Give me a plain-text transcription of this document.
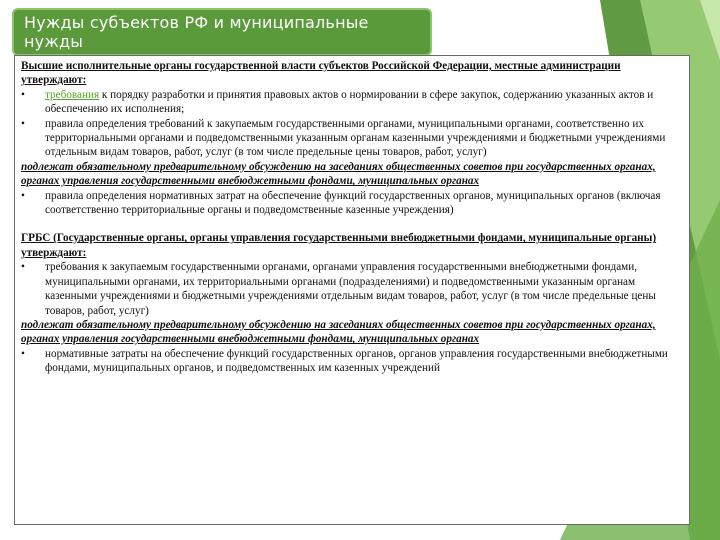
Нужды субъектов РФ и муниципальные нужды

Высшие исполнительные органы государственной власти субъектов Российской Федерации, местные администрации утверждают:

• требования к порядку разработки и принятия правовых актов о нормировании в сфере закупок, содержанию указанных актов и обеспечению их исполнения;

• правила определения требований к закупаемым государственными органами, муниципальными органами, соответственно их территориальными органами и подведомственными указанным органам казенными учреждениями и бюджетными учреждениями отдельным видам товаров, работ, услуг (в том числе предельные цены товаров, работ, услуг)

подлежат обязательному предварительному обсуждению на заседаниях общественных советов при государственных органах, органах управления государственными внебюджетными фондами, муниципальных органах

• правила определения нормативных затрат на обеспечение функций государственных органов, муниципальных органов (включая соответственно территориальные органы и подведомственные казенные учреждения)

ГРБС (Государственные органы, органы управления государственными внебюджетными фондами, муниципальные органы) утверждают:

• требования к закупаемым государственными органами, органами управления государственными внебюджетными фондами, муниципальными органами, их территориальными органами (подразделениями) и подведомственными указанным органам казенными учреждениями и бюджетными учреждениями отдельным видам товаров, работ, услуг (в том числе предельные цены товаров, работ, услуг)

подлежат обязательному предварительному обсуждению на заседаниях общественных советов при государственных органах, органах управления государственными внебюджетными фондами, муниципальных органах

• нормативные затраты на обеспечение функций государственных органов, органов управления государственными внебюджетными фондами, муниципальных органов, и подведомственных им казенных учреждений
